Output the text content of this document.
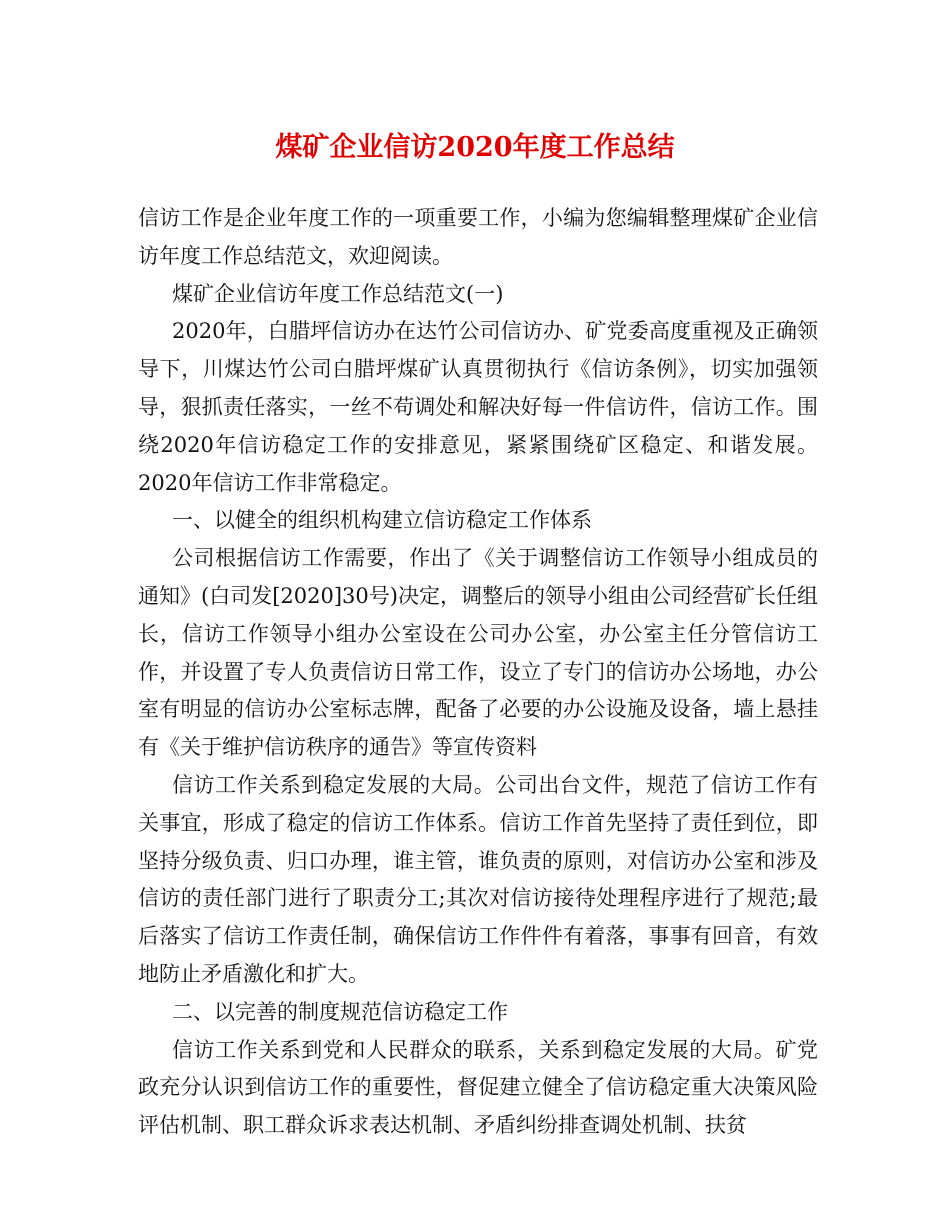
煤矿企业信访2020年度工作总结

信访工作是企业年度工作的一项重要工作，小编为您编辑整理煤矿企业信访年度工作总结范文，欢迎阅读。

煤矿企业信访年度工作总结范文(一)

2020年，白腊坪信访办在达竹公司信访办、矿党委高度重视及正确领导下，川煤达竹公司白腊坪煤矿认真贯彻执行《信访条例》，切实加强领导，狠抓责任落实，一丝不苟调处和解决好每一件信访件，信访工作。围绕2020年信访稳定工作的安排意见，紧紧围绕矿区稳定、和谐发展。2020年信访工作非常稳定。

一、以健全的组织机构建立信访稳定工作体系

公司根据信访工作需要，作出了《关于调整信访工作领导小组成员的通知》(白司发[2020]30号)决定，调整后的领导小组由公司经营矿长任组长，信访工作领导小组办公室设在公司办公室，办公室主任分管信访工作，并设置了专人负责信访日常工作，设立了专门的信访办公场地，办公室有明显的信访办公室标志牌，配备了必要的办公设施及设备，墙上悬挂有《关于维护信访秩序的通告》等宣传资料

信访工作关系到稳定发展的大局。公司出台文件，规范了信访工作有关事宜，形成了稳定的信访工作体系。信访工作首先坚持了责任到位，即坚持分级负责、归口办理，谁主管，谁负责的原则，对信访办公室和涉及信访的责任部门进行了职责分工;其次对信访接待处理程序进行了规范;最后落实了信访工作责任制，确保信访工作件件有着落，事事有回音，有效地防止矛盾激化和扩大。

二、以完善的制度规范信访稳定工作

信访工作关系到党和人民群众的联系，关系到稳定发展的大局。矿党政充分认识到信访工作的重要性，督促建立健全了信访稳定重大决策风险评估机制、职工群众诉求表达机制、矛盾纠纷排查调处机制、扶贫
